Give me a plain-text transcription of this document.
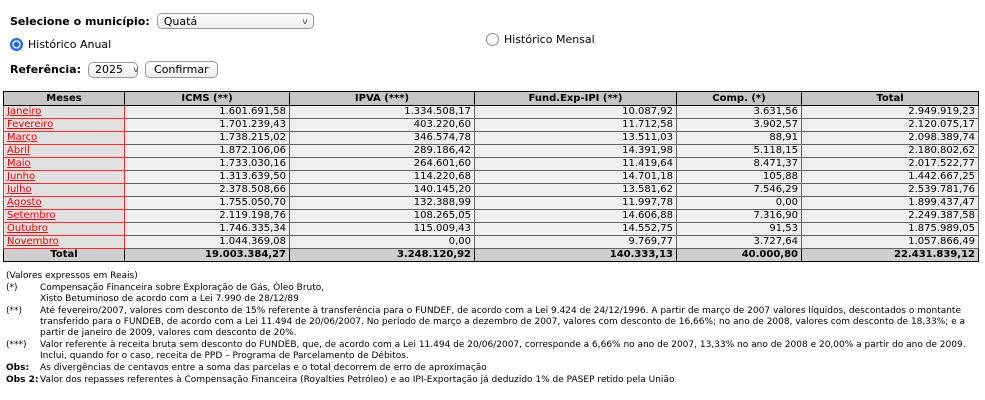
Selecione o município: Quatá	∨
Histórico Anual	Histórico Mensal
Referência: 2025 ∨	Confirmar
Meses	ICMS (**)	IPVA (***)	Fund.Exp-IPI (**)	Comp. (*)	Total
Janeiro	1.601.691,58	1.334.508,17	10.087,92	3.631,56	2.949.919,23
Fevereiro	1.701.239,43	403.220,60	11.712,58	3.902,57	2.120.075,17
Março	1.738.215,02	346.574,78	13.511,03	88,91	2.098.389,74
Abril	1.872.106,06	289.186,42	14.391,98	5.118,15	2.180.802,62
Maio	1.733.030,16	264.601,60	11.419,64	8.471,37	2.017.522,77
Junho	1.313.639,50	114.220,68	14.701,18	105,88	1.442.667,25
Julho	2.378.508,66	140.145,20	13.581,62	7.546,29	2.539.781,76
Agosto	1.755.050,70	132.388,99	11.997,78	0,00	1.899.437,47
Setembro	2.119.198,76	108.265,05	14.606,88	7.316,90	2.249.387,58
Outubro	1.746.335,34	115.009,43	14.552,75	91,53	1.875.989,05
Novembro	1.044.369,08	0,00	9.769,77	3.727,64	1.057.866,49
Total	19.003.384,27	3.248.120,92	140.333,13	40.000,80	22.431.839,12
(Valores expressos em Reais)
(*)	Compensação Financeira sobre Exploração de Gás, Óleo Bruto,
Xisto Betuminoso de acordo com a Lei 7.990 de 28/12/89
(**)	Até fevereiro/2007, valores com desconto de 15% referente à transferência para o FUNDEF, de acordo com a Lei 9.424 de 24/12/1996. A partir de março de 2007 valores líquidos, descontados o montante transferido para o FUNDEB, de acordo com a Lei 11.494 de 20/06/2007. No período de março a dezembro de 2007, valores com desconto de 16,66%; no ano de 2008, valores com desconto de 18,33%; e a partir de janeiro de 2009, valores com desconto de 20%.
(***)	Valor referente à receita bruta sem desconto do FUNDEB, que, de acordo com a Lei 11.494 de 20/06/2007, corresponde a 6,66% no ano de 2007, 13,33% no ano de 2008 e 20,00% a partir do ano de 2009. Inclui, quando for o caso, receita de PPD – Programa de Parcelamento de Débitos.
Obs:	As divergências de centavos entre a soma das parcelas e o total decorrem de erro de aproximação
Obs 2: Valor dos repasses referentes à Compensação Financeira (Royalties Petróleo) e ao IPI-Exportação já deduzido 1% de PASEP retido pela União
